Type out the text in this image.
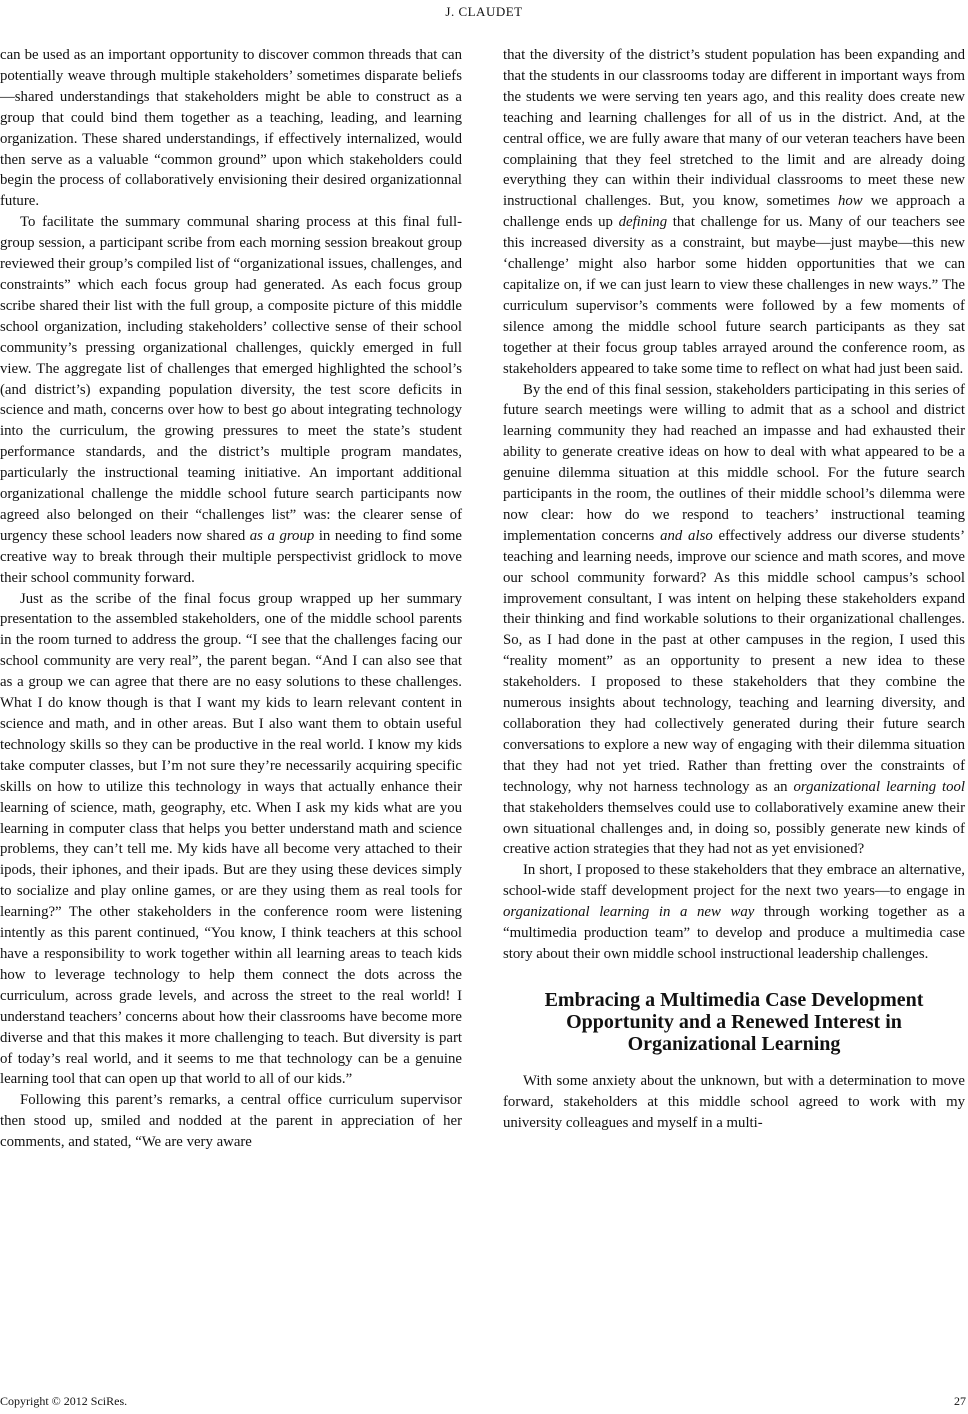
J. CLAUDET

can be used as an important opportunity to discover common threads that can potentially weave through multiple stakeholders’ sometimes disparate beliefs—shared understandings that stakeholders might be able to construct as a group that could bind them together as a teaching, leading, and learning organization. These shared understandings, if effectively internalized, would then serve as a valuable “common ground” upon which stakeholders could begin the process of collaboratively envisioning their desired organizationnal future.

To facilitate the summary communal sharing process at this final full-group session, a participant scribe from each morning session breakout group reviewed their group’s compiled list of “organizational issues, challenges, and constraints” which each focus group had generated. As each focus group scribe shared their list with the full group, a composite picture of this middle school organization, including stakeholders’ collective sense of their school community’s pressing organizational challenges, quickly emerged in full view. The aggregate list of challenges that emerged highlighted the school’s (and district’s) expanding population diversity, the test score deficits in science and math, concerns over how to best go about integrating technology into the curriculum, the growing pressures to meet the state’s student performance standards, and the district’s multiple program mandates, particularly the instructional teaming initiative. An important additional organizational challenge the middle school future search participants now agreed also belonged on their “challenges list” was: the clearer sense of urgency these school leaders now shared as a group in needing to find some creative way to break through their multiple perspectivist gridlock to move their school community forward.

Just as the scribe of the final focus group wrapped up her summary presentation to the assembled stakeholders, one of the middle school parents in the room turned to address the group. “I see that the challenges facing our school community are very real”, the parent began. “And I can also see that as a group we can agree that there are no easy solutions to these challenges. What I do know though is that I want my kids to learn relevant content in science and math, and in other areas. But I also want them to obtain useful technology skills so they can be productive in the real world. I know my kids take computer classes, but I’m not sure they’re necessarily acquiring specific skills on how to utilize this technology in ways that actually enhance their learning of science, math, geography, etc. When I ask my kids what are you learning in computer class that helps you better understand math and science problems, they can’t tell me. My kids have all become very attached to their ipods, their iphones, and their ipads. But are they using these devices simply to socialize and play online games, or are they using them as real tools for learning?” The other stakeholders in the conference room were listening intently as this parent continued, “You know, I think teachers at this school have a responsibility to work together within all learning areas to teach kids how to leverage technology to help them connect the dots across the curriculum, across grade levels, and across the street to the real world! I understand teachers’ concerns about how their classrooms have become more diverse and that this makes it more challenging to teach. But diversity is part of today’s real world, and it seems to me that technology can be a genuine learning tool that can open up that world to all of our kids.”

Following this parent’s remarks, a central office curriculum supervisor then stood up, smiled and nodded at the parent in appreciation of her comments, and stated, “We are very aware

that the diversity of the district’s student population has been expanding and that the students in our classrooms today are different in important ways from the students we were serving ten years ago, and this reality does create new teaching and learning challenges for all of us in the district. And, at the central office, we are fully aware that many of our veteran teachers have been complaining that they feel stretched to the limit and are already doing everything they can within their individual classrooms to meet these new instructional challenges. But, you know, sometimes how we approach a challenge ends up defining that challenge for us. Many of our teachers see this increased diversity as a constraint, but maybe—just maybe—this new ‘challenge’ might also harbor some hidden opportunities that we can capitalize on, if we can just learn to view these challenges in new ways.” The curriculum supervisor’s comments were followed by a few moments of silence among the middle school future search participants as they sat together at their focus group tables arrayed around the conference room, as stakeholders appeared to take some time to reflect on what had just been said.

By the end of this final session, stakeholders participating in this series of future search meetings were willing to admit that as a school and district learning community they had reached an impasse and had exhausted their ability to generate creative ideas on how to deal with what appeared to be a genuine dilemma situation at this middle school. For the future search participants in the room, the outlines of their middle school’s dilemma were now clear: how do we respond to teachers’ instructional teaming implementation concerns and also effectively address our diverse students’ teaching and learning needs, improve our science and math scores, and move our school community forward? As this middle school campus’s school improvement consultant, I was intent on helping these stakeholders expand their thinking and find workable solutions to their organizational challenges. So, as I had done in the past at other campuses in the region, I used this “reality moment” as an opportunity to present a new idea to these stakeholders. I proposed to these stakeholders that they combine the numerous insights about technology, teaching and learning diversity, and collaboration they had collectively generated during their future search conversations to explore a new way of engaging with their dilemma situation that they had not yet tried. Rather than fretting over the constraints of technology, why not harness technology as an organizational learning tool that stakeholders themselves could use to collaboratively examine anew their own situational challenges and, in doing so, possibly generate new kinds of creative action strategies that they had not as yet envisioned?

In short, I proposed to these stakeholders that they embrace an alternative, school-wide staff development project for the next two years—to engage in organizational learning in a new way through working together as a “multimedia production team” to develop and produce a multimedia case story about their own middle school instructional leadership challenges.

Embracing a Multimedia Case Development Opportunity and a Renewed Interest in Organizational Learning

With some anxiety about the unknown, but with a determination to move forward, stakeholders at this middle school agreed to work with my university colleagues and myself in a multi-

Copyright © 2012 SciRes.	27
